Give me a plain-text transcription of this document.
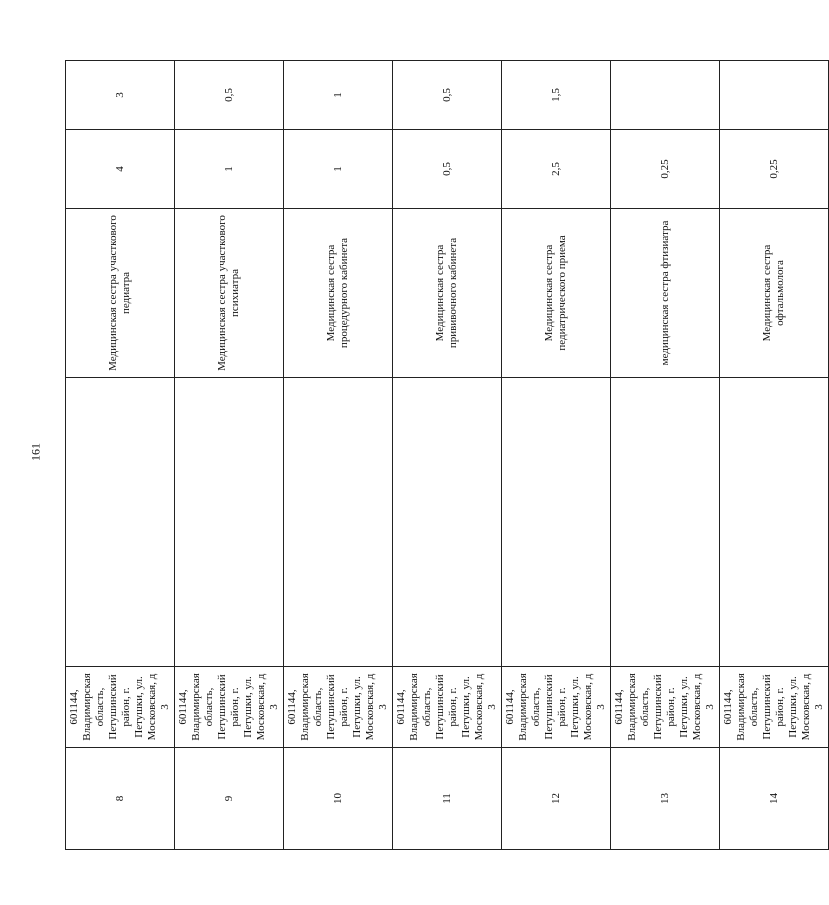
161
8	601144, Владимирская область, Петушинский район, г. Петушки, ул. Московская, д 3		Медицинская сестра участкового педиатра	4	3
9	601144, Владимирская область, Петушинский район, г. Петушки, ул. Московская, д 3		Медицинская сестра участкового психиатра	1	0,5
10	601144, Владимирская область, Петушинский район, г. Петушки, ул. Московская, д 3		Медицинская сестра процедурного кабинета	1	1
11	601144, Владимирская область, Петушинский район, г. Петушки, ул. Московская, д 3		Медицинская сестра прививочного кабинета	0,5	0,5
12	601144, Владимирская область, Петушинский район, г. Петушки, ул. Московская, д 3		Медицинская сестра педиатрического приема	2,5	1,5
13	601144, Владимирская область, Петушинский район, г. Петушки, ул. Московская, д 3		медицинская сестра фтизиатра	0,25	
14	601144, Владимирская область, Петушинский район, г. Петушки, ул. Московская, д 3		Медицинская сестра офтальмолога	0,25	
